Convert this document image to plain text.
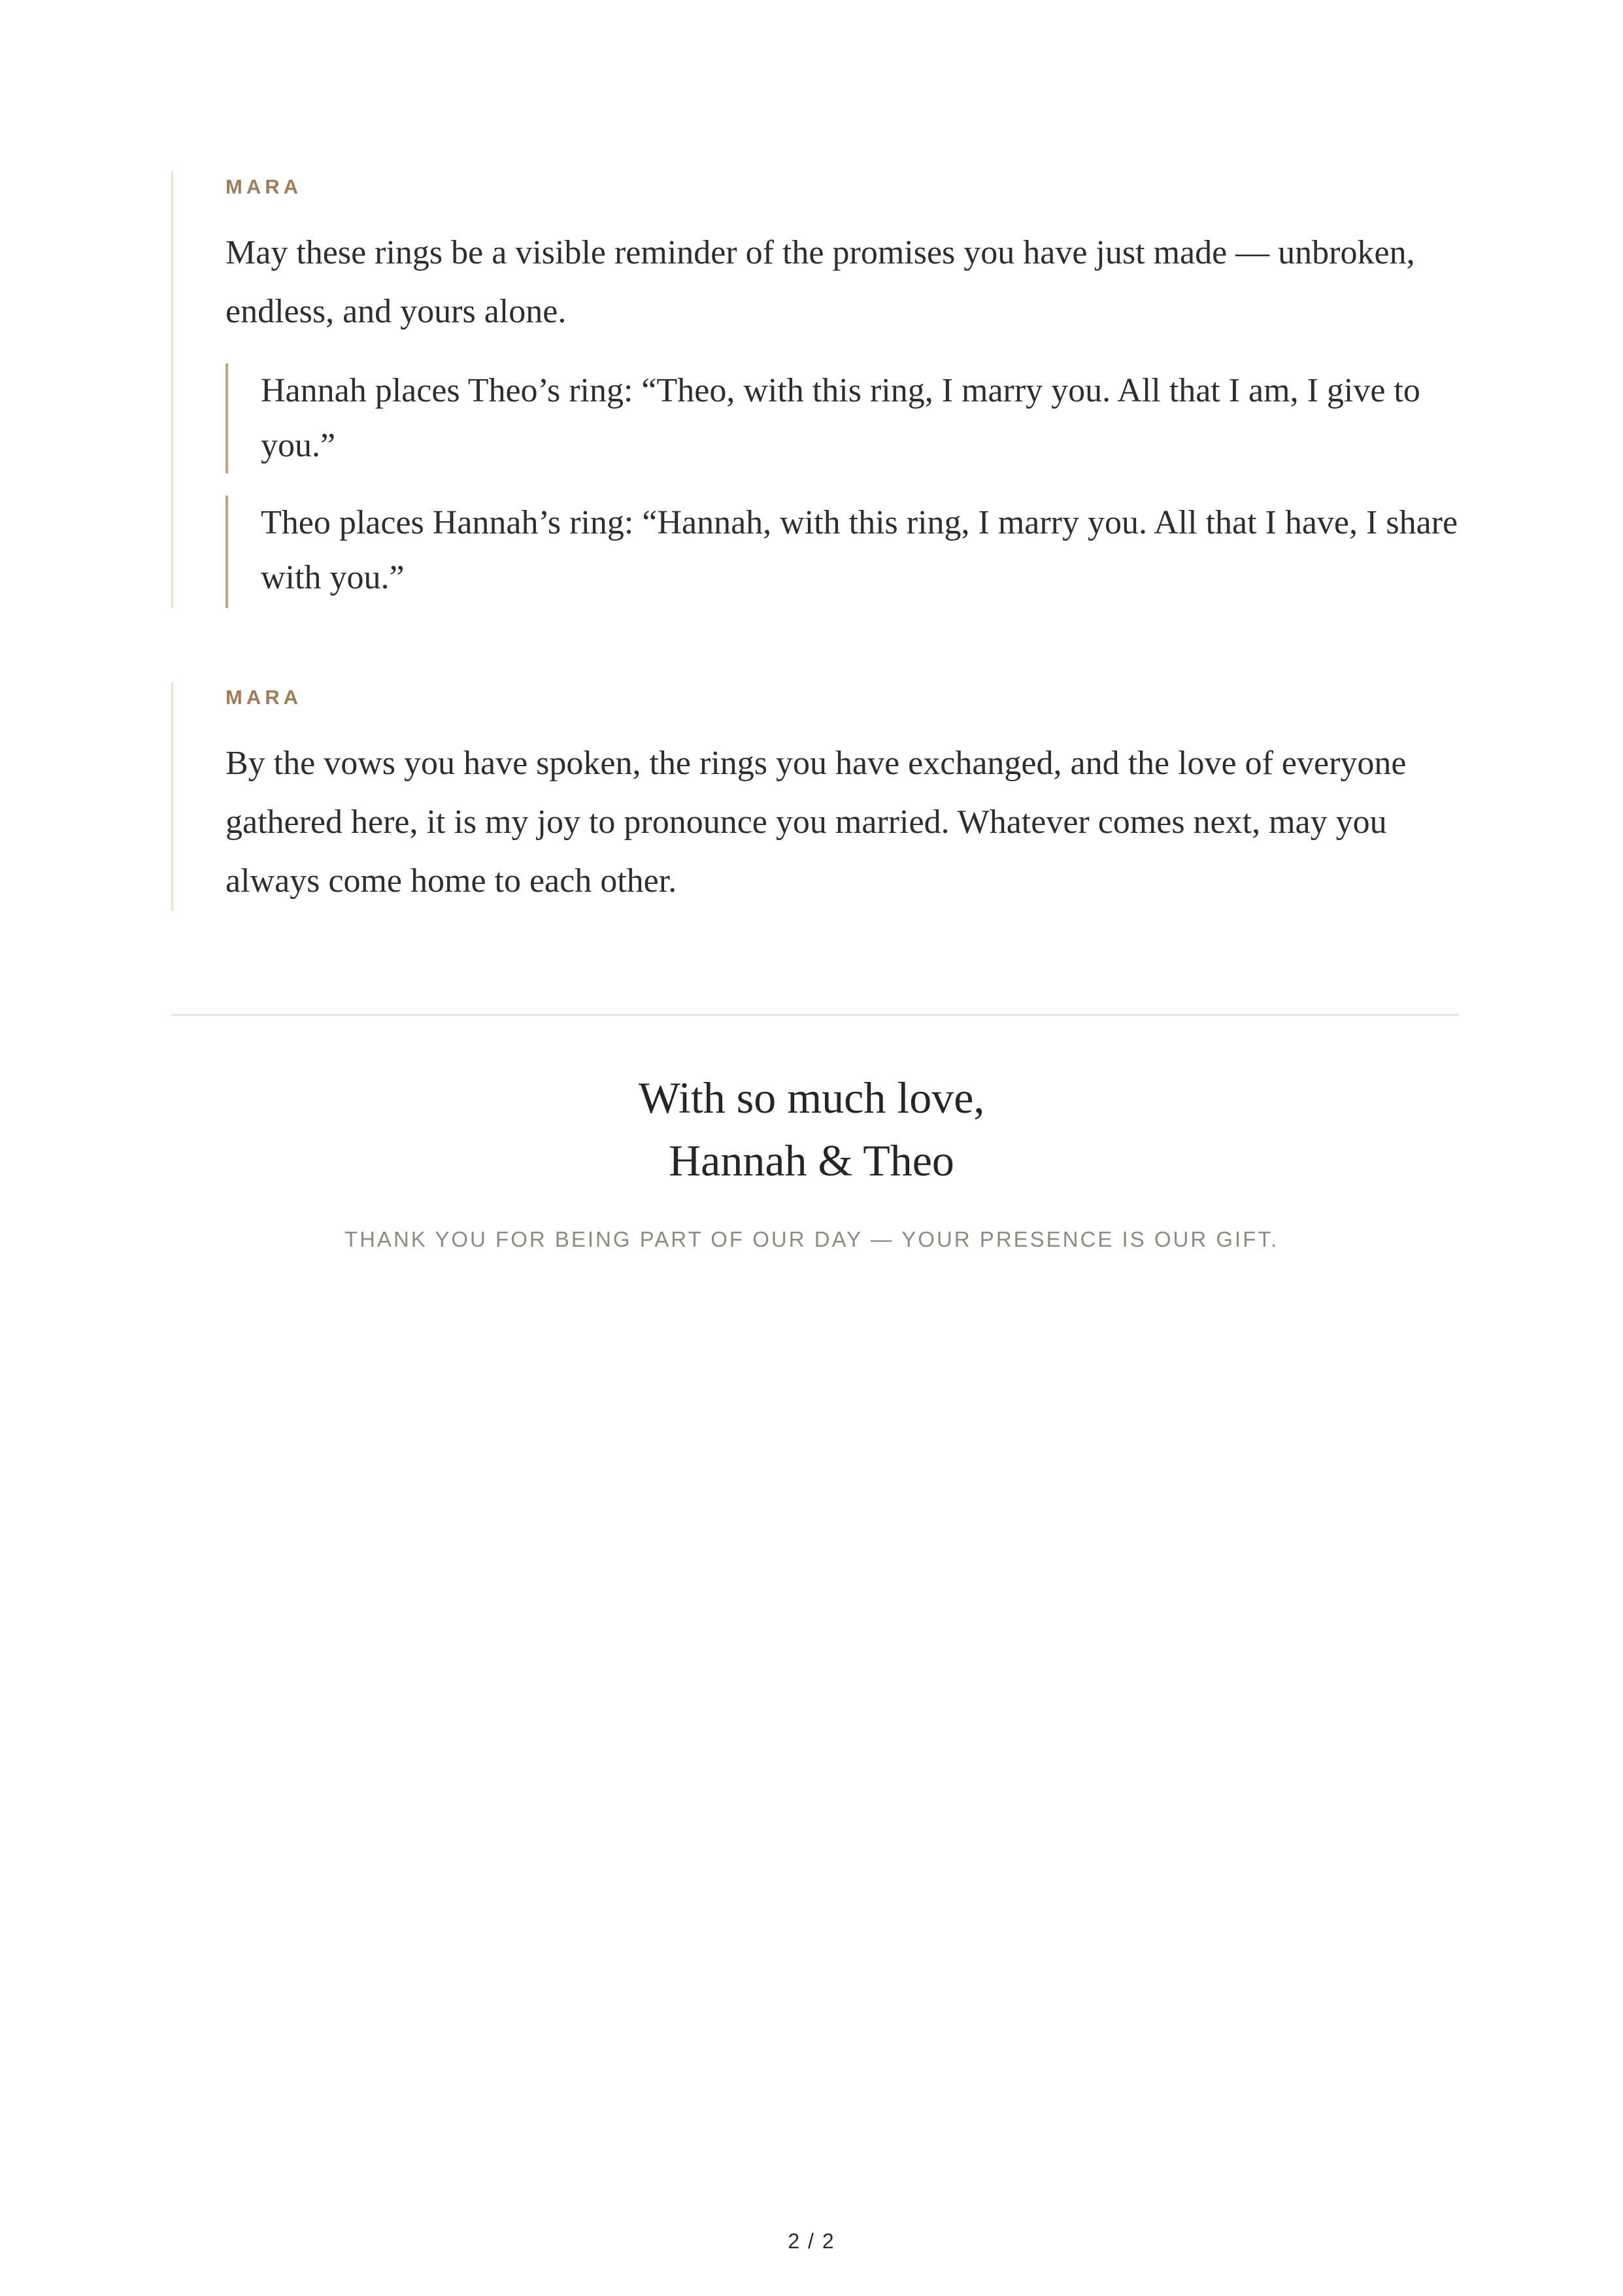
MARA

May these rings be a visible reminder of the promises you have just made — unbroken, endless, and yours alone.

Hannah places Theo’s ring: “Theo, with this ring, I marry you. All that I am, I give to you.”
Theo places Hannah’s ring: “Hannah, with this ring, I marry you. All that I have, I share with you.”
MARA

By the vows you have spoken, the rings you have exchanged, and the love of everyone gathered here, it is my joy to pronounce you married. Whatever comes next, may you always come home to each other.

With so much love,
Hannah & Theo
THANK YOU FOR BEING PART OF OUR DAY — YOUR PRESENCE IS OUR GIFT.
2 / 2
